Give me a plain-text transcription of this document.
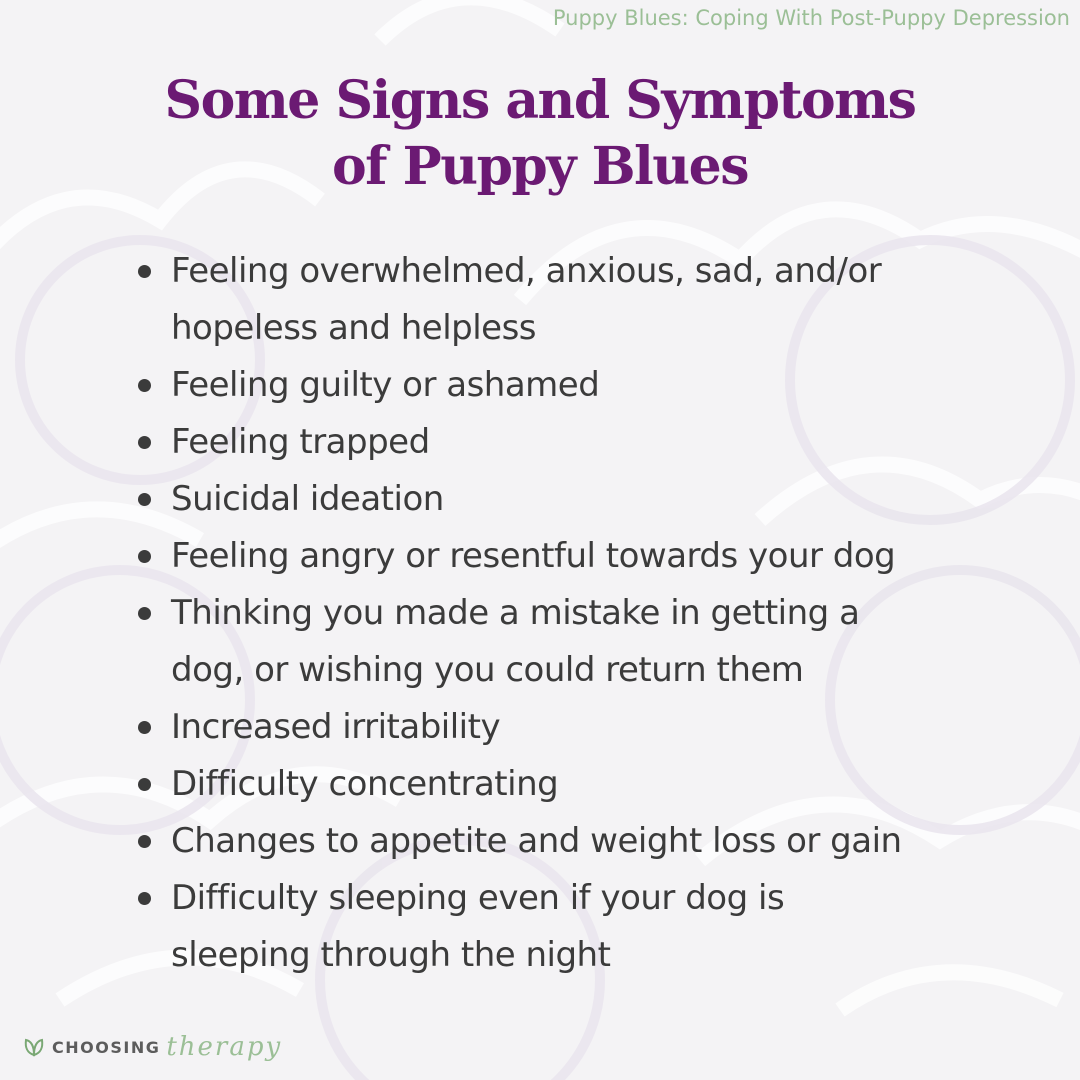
Puppy Blues: Coping With Post-Puppy Depression
Some Signs and Symptoms
of Puppy Blues
Feeling overwhelmed, anxious, sad, and/or
hopeless and helpless
Feeling guilty or ashamed
Feeling trapped
Suicidal ideation
Feeling angry or resentful towards your dog
Thinking you made a mistake in getting a
dog, or wishing you could return them
Increased irritability
Difficulty concentrating
Changes to appetite and weight loss or gain
Difficulty sleeping even if your dog is
sleeping through the night
CHOOSING therapy
